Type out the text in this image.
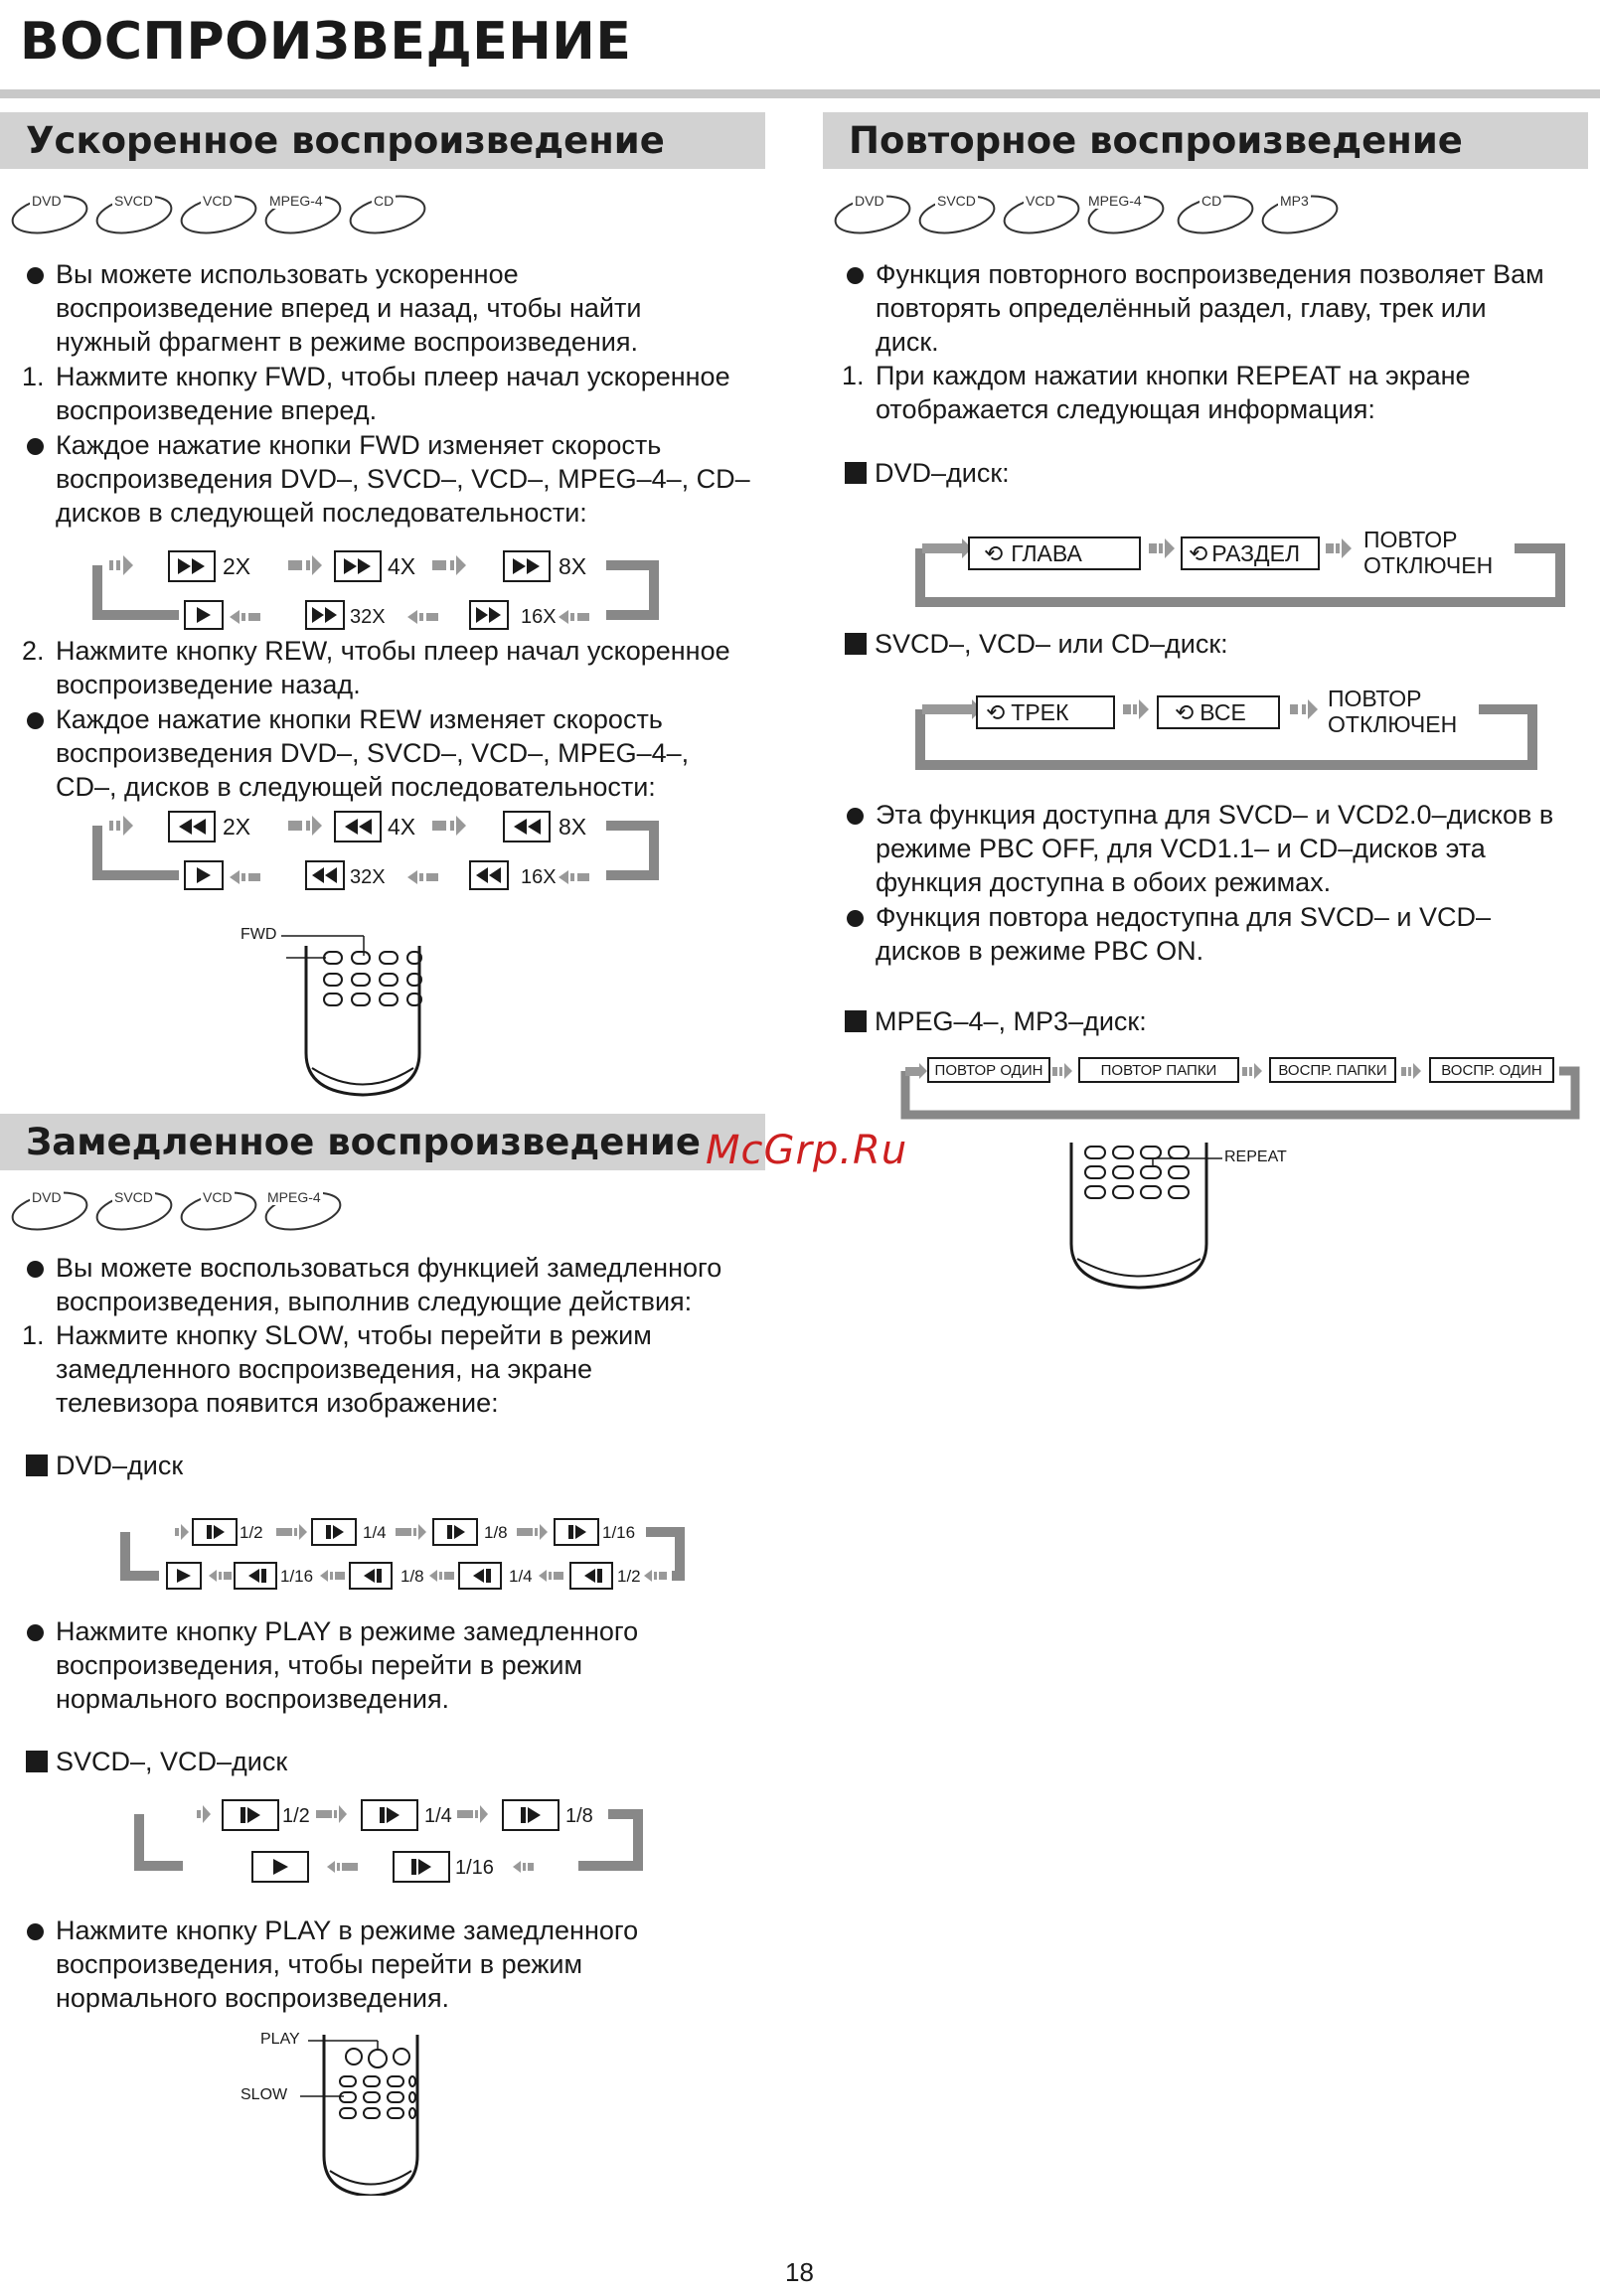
ВОСПРОИЗВЕДЕНИЕ
Ускоренное воспроизведение
DVD	SVCD	VCD	MPEG-4	CD
Вы можете использовать ускоренное
воспроизведение вперед и назад, чтобы найти
нужный фрагмент в режиме воспроизведения.
1. Нажмите кнопку FWD, чтобы плеер начал ускоренное
воспроизведение вперед.
Каждое нажатие кнопки FWD изменяет скорость
воспроизведения DVD–, SVCD–, VCD–, MPEG–4–, CD–
дисков в следующей последовательности:
2X	4X	8X
32X	16X
2. Нажмите кнопку REW, чтобы плеер начал ускоренное
воспроизведение назад.
Каждое нажатие кнопки REW изменяет скорость
воспроизведения DVD–, SVCD–, VCD–, MPEG–4–,
CD–, дисков в следующей последовательности:
2X	4X	8X
32X	16X
FWD
Замедленное воспроизведение McGrp.Ru
DVD	SVCD	VCD	MPEG-4
Вы можете воспользоваться функцией замедленного
воспроизведения, выполнив следующие действия:
1. Нажмите кнопку SLOW, чтобы перейти в режим
замедленного воспроизведения, на экране
телевизора появится изображение:
DVD–диск
1/2	1/4	1/8	1/16
1/16	1/8	1/4	1/2
Нажмите кнопку PLAY в режиме замедленного
воспроизведения, чтобы перейти в режим
нормального воспроизведения.
SVCD–, VCD–диск
1/2	1/4	1/8
1/16
Нажмите кнопку PLAY в режиме замедленного
воспроизведения, чтобы перейти в режим
нормального воспроизведения.
PLAY
SLOW
Повторное воспроизведение
DVD	SVCD	VCD MPEG-4	CD	MP3
Функция повторного воспроизведения позволяет Вам
повторять определённый раздел, главу, трек или
диск.
1. При каждом нажатии кнопки REPEAT на экране
отображается следующая информация:
DVD–диск:
⟲ ГЛАВА	⟲ РАЗДЕЛ
ПОВТОР
ОТКЛЮЧЕН
SVCD–, VCD– или CD–диск:
⟲ ТРЕК	⟲ ВСЕ
ПОВТОР
ОТКЛЮЧЕН
Эта функция доступна для SVCD– и VCD2.0–дисков в
режиме PBC OFF, для VCD1.1– и CD–дисков эта
функция доступна в обоих режимах.
Функция повтора недоступна для SVCD– и VCD–
дисков в режиме PBC ON.
MPEG–4–, MP3–диск:
ПОВТОР ОДИН	ПОВТОР ПАПКИ	ВОСПР. ПАПКИ	ВОСПР. ОДИН
REPEAT
18
